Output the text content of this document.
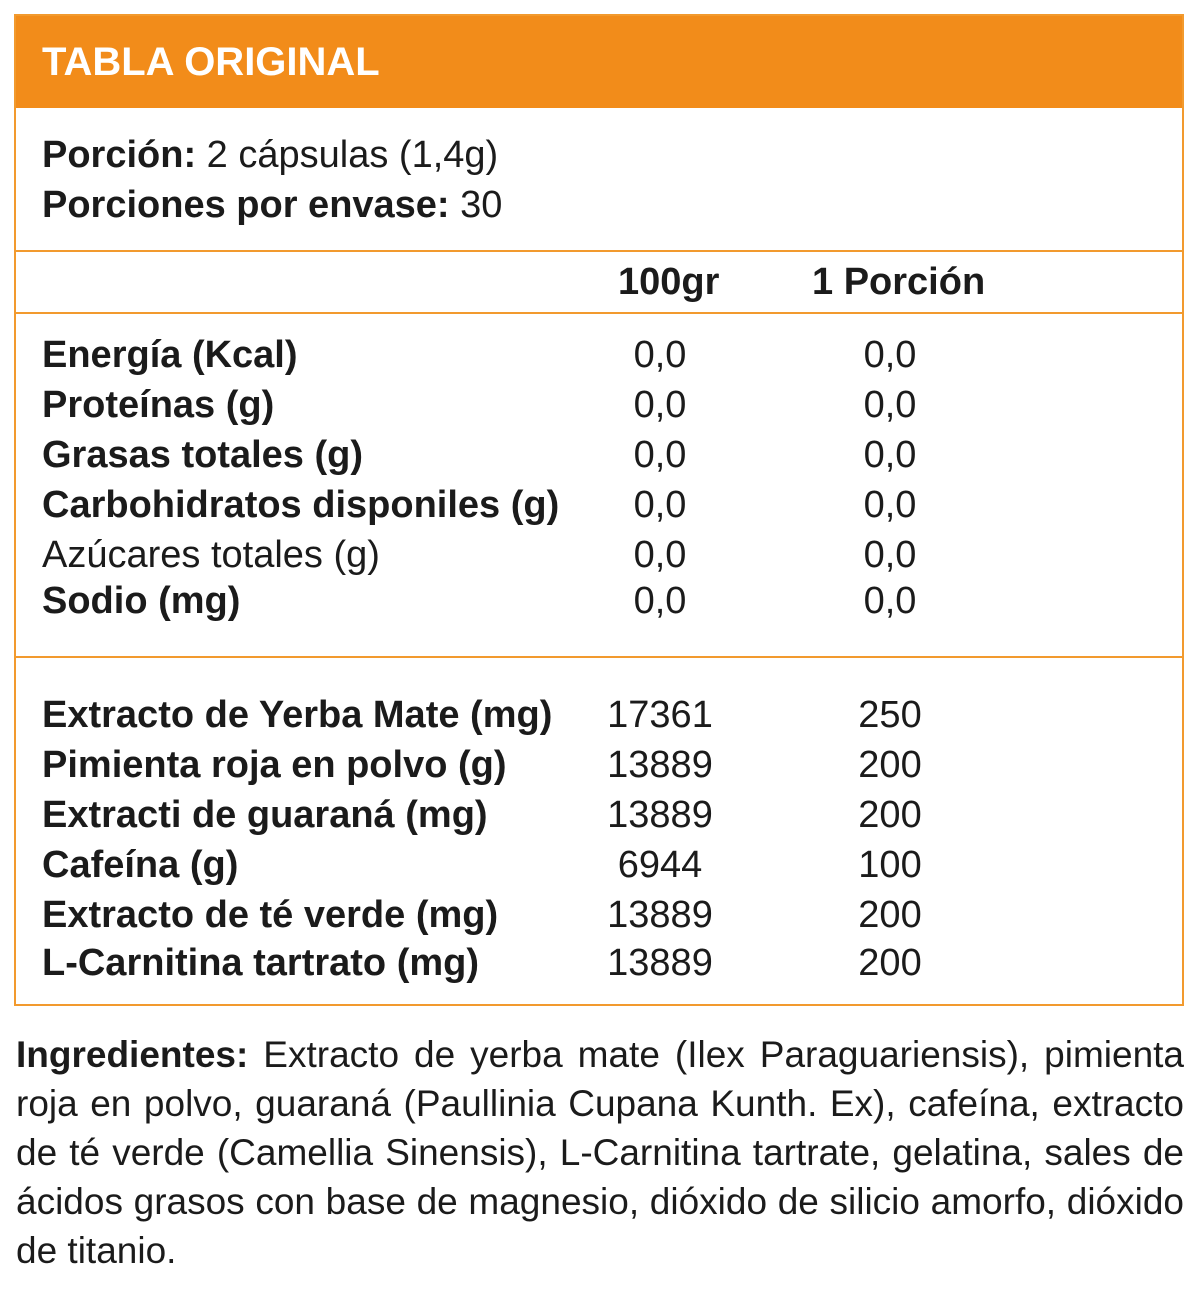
TABLA ORIGINAL
Porción: 2 cápsulas (1,4g)
Porciones por envase: 30
100gr 1 Porción
Energía (Kcal)	0,0	0,0
Proteínas (g)	0,0	0,0
Grasas totales (g)	0,0	0,0
Carbohidratos disponiles (g)	0,0	0,0
Azúcares totales (g)	0,0	0,0
Sodio (mg)	0,0	0,0
Extracto de Yerba Mate (mg)	17361	250
Pimienta roja en polvo (g)	13889	200
Extracti de guaraná (mg)	13889	200
Cafeína (g)	6944	100
Extracto de té verde (mg)	13889	200
L-Carnitina tartrato (mg)	13889	200
Ingredientes: Extracto de yerba mate (Ilex Paraguariensis), pimienta roja en polvo, guaraná (Paullinia Cupana Kunth. Ex), cafeína, extracto de té verde (Camellia Sinensis), L-Carnitina tartrate, gelatina, sales de ácidos grasos con base de magnesio, dióxido de silicio amorfo, dióxido de titanio.
